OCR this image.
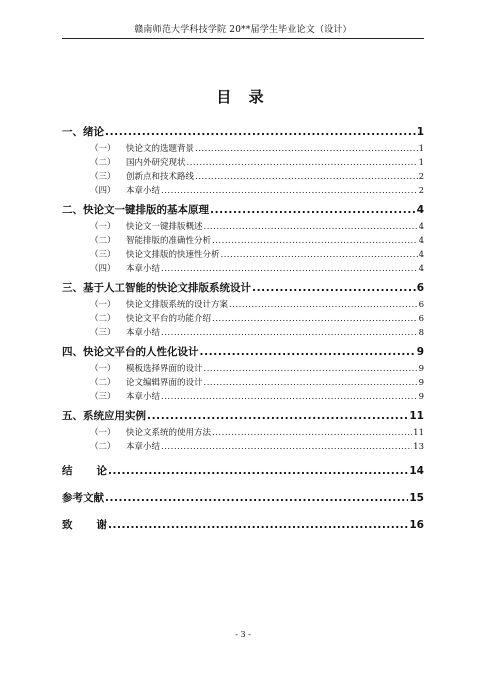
赣南师范大学科技学院 20**届学生毕业论文（设计）
目 录
一、绪论 .....	1
（一） 快论文的选题背景 .....	1
（二） 国内外研究现状 .....	1
（三） 创新点和技术路线 .....	2
（四） 本章小结 .....	2
二、快论文一键排版的基本原理 .....	4
（一） 快论文一键排版概述 .....	4
（二） 智能排版的准确性分析 .....	4
（三） 快论文排版的快速性分析 .....	4
（四） 本章小结 .....	4
三、基于人工智能的快论文排版系统设计 .....	6
（一） 快论文排版系统的设计方案 .....	6
（二） 快论文平台的功能介绍 .....	6
（三） 本章小结 .....	8
四、快论文平台的人性化设计 .....	9
（一） 模板选择界面的设计 .....	9
（二） 论文编辑界面的设计 .....	9
（三） 本章小结 .....	9
五、系统应用实例 .....	11
（一） 快论文系统的使用方法 .....	11
（二） 本章小结 .....	13
结 论 .....	14
参考文献 .....	15
致 谢 .....	16
- 3 -
